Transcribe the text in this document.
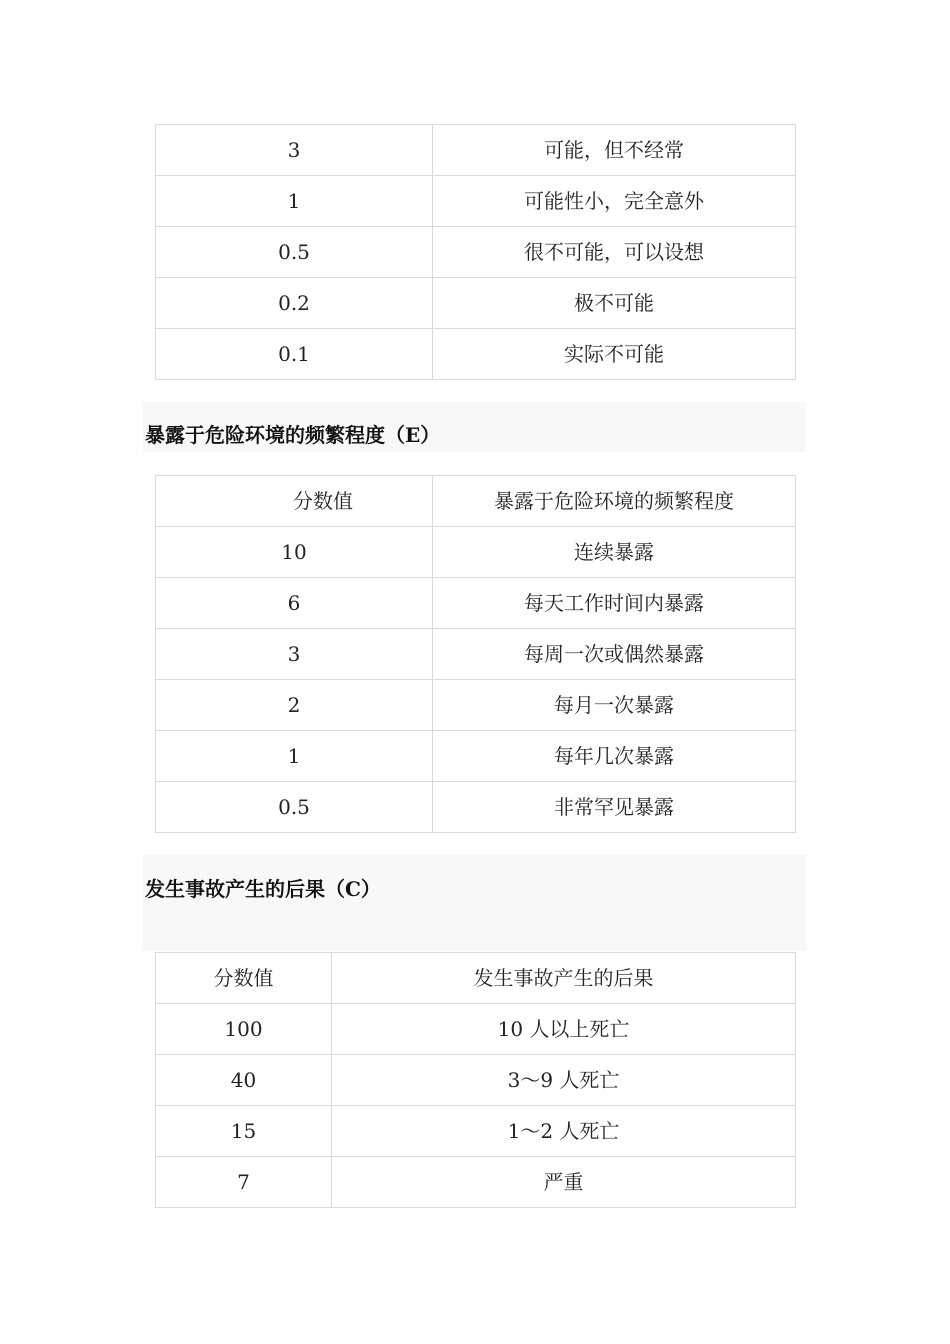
3	可能，但不经常
1	可能性小，完全意外
0.5	很不可能，可以设想
0.2	极不可能
0.1	实际不可能
暴露于危险环境的频繁程度（E）
分数值	暴露于危险环境的频繁程度
10	连续暴露
6	每天工作时间内暴露
3	每周一次或偶然暴露
2	每月一次暴露
1	每年几次暴露
0.5	非常罕见暴露
发生事故产生的后果（C）
分数值	发生事故产生的后果
100	10 人以上死亡
40	3～9 人死亡
15	1～2 人死亡
7	严重
